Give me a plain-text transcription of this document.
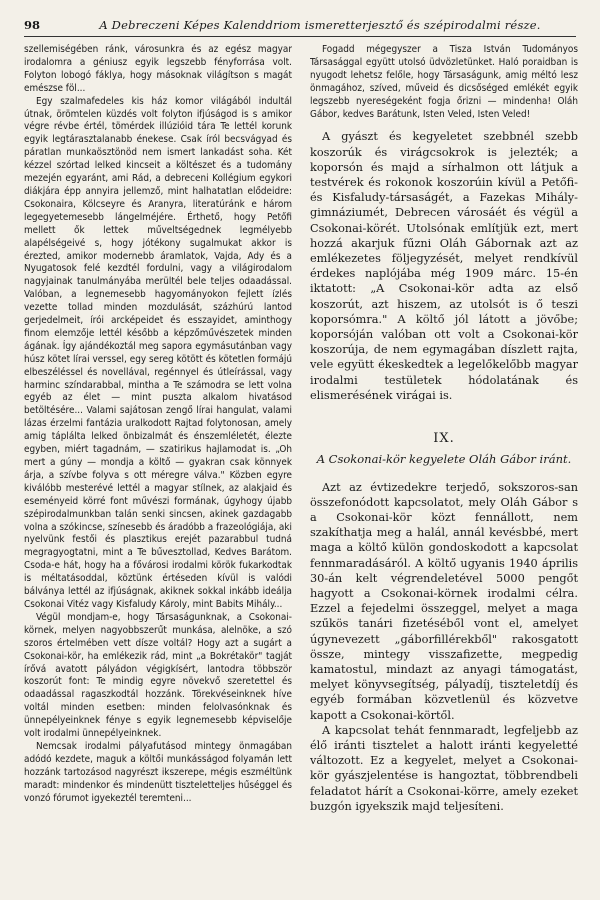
98	A Debreczeni Képes Kalenddriom ismeretterjesztő és szépirodalmi része.

szellemiségében ránk, városunkra és az egész magyar irodalomra a géniusz egyik legszebb fényforrása volt. Folyton lobogó fáklya, hogy másoknak világítson s magát emészse föl...

Egy szalmafedeles kis ház komor világából indultál útnak, örömtelen küzdés volt folyton ifjúságod is s amikor végre révbe értél, tömérdek illúzióid tára Te lettél korunk egyik legtárasztalanabb énekese. Csak íról becsvágyad és páratlan munkaösztönöd nem ismert lankadást soha. Két kézzel szórtad lelked kincseit a költészet és a tudomány mezején egyaránt, ami Rád, a debreceni Kollégium egykori diákjára épp annyira jellemző, mint halhatatlan elődeidre: Csokonaira, Kölcseyre és Aranyra, literatúránk e három legegyetemesebb lángelméjére. Érthető, hogy Petőfi mellett ők lettek műveltségednek legmélyebb alapélségeivé s, hogy jótékony sugalmukat akkor is érezted, amikor modernebb áramlatok, Vajda, Ady és a Nyugatosok felé kezdtél fordulni, vagy a világirodalom nagyjainak tanulmányába merültél bele teljes odaadással. Valóban, a legnemesebb hagyományokon fejlett ízlés vezette tollad minden mozdulását, százhúrú lantod gerjedelmeit, írói arcképeidet és esszayidet, aminthogy finom elemzője lettél később a képzőművészetek minden ágának. Így ajándékoztál meg sapora egymásutánban vagy húsz kötet lírai verssel, egy sereg kötött és kötetlen formájú elbeszéléssel és novellával, regénnyel és útleírással, vagy harminc színdarabbal, mintha a Te számodra se lett volna egyéb az élet — mint puszta alkalom hivatásod betöltésére... Valami sajátosan zengő lírai hangulat, valami lázas érzelmi fantázia uralkodott Rajtad folytonosan, amely amig táplálta lelked önbizalmát és énszemléletét, élezte egyben, miért tagadnám, — szatirikus hajlamodat is. „Oh mert a gúny — mondja a költő — gyakran csak könnyek árja, a szívbe folyva s ott méregre válva." Közben egyre kiválóbb mesterévé lettél a magyar stílnek, az alakjaid és eseményeid körré font művészi formának, úgyhogy újabb szépirodalmunkban talán senki sincsen, akinek gazdagabb volna a szókincse, színesebb és áradóbb a frazeológiája, aki nyelvünk festői és plasztikus erejét pazarabbul tudná megragyogtatni, mint a Te bűvesztollad, Kedves Barátom. Csoda-e hát, hogy ha a fővárosi irodalmi körök fukarkodtak is méltatásoddal, köztünk értéseden kívül is valódi bálványa lettél az ifjúságnak, akiknek sokkal inkább ideálja Csokonai Vitéz vagy Kisfaludy Károly, mint Babits Mihály...

Végül mondjam-e, hogy Társaságunknak, a Csokonai-körnek, melyen nagyobbszerűt munkása, alelnöke, a szó szoros értelmében vett dísze voltál? Hogy azt a sugárt a Csokonai-kör, ha emlékezik rád, mint „a Bokrétakör" tagját írővá avatott pályádon végigkísért, lantodra többször koszorút font: Te mindig egyre növekvő szeretettel és odaadással ragaszkodtál hozzánk. Törekvéseinknek híve voltál minden esetben: minden felolvasónknak és ünnepélyeinknek fénye s egyik legnemesebb képviselője volt irodalmi ünnepélyeinknek.

Nemcsak irodalmi pályafutásod mintegy önmagában adódó kezdete, maguk a költői munkásságod folyamán lett hozzánk tartozásod nagyrészt ikszerepe, mégis eszméltünk maradt: mindenkor és mindenütt tiszteletteljes hűséggel és vonzó fórumot igyekeztél teremteni...

Fogadd mégegyszer a Tisza István Tudományos Társasággal együtt utolsó üdvözletünket. Haló poraidban is nyugodt lehetsz felőle, hogy Társaságunk, amig méltó lesz önmagához, szíved, műveid és dicsőséged emlékét egyik legszebb nyereségeként fogja őrizni — mindenha! Oláh Gábor, kedves Barátunk, Isten Veled, Isten Veled!

A gyászt és kegyeletet szebbnél szebb koszorúk és virágcsokrok is jelezték; a koporsón és majd a sírhalmon ott látjuk a testvérek és rokonok koszorúin kívül a Petőfi- és Kisfaludy-társaságét, a Fazekas Mihály-gimnáziumét, Debrecen városáét és végül a Csokonai-körét. Utolsónak említjük ezt, mert hozzá akarjuk fűzni Oláh Gábornak azt az emlékezetes följegyzését, melyet rendkívül érdekes naplójába még 1909 márc. 15-én iktatott: „A Csokonai-kör adta az első koszorút, azt hiszem, az utolsót is ő teszi koporsómra." A költő jól látott a jövőbe; koporsóján valóban ott volt a Csokonai-kör koszorúja, de nem egymagában díszlett rajta, vele együtt ékeskedtek a legelőkelőbb magyar irodalmi testületek hódolatának és elismerésének virágai is.

IX.
A Csokonai-kör kegyelete Oláh Gábor iránt.

Azt az évtizedekre terjedő, sokszoros-san összefonódott kapcsolatot, mely Oláh Gábor s a Csokonai-kör közt fennállott, nem szakíthatja meg a halál, annál kevésbbé, mert maga a költő külön gondoskodott a kapcsolat fennmaradásáról. A költő ugyanis 1940 április 30-án kelt végrendeletével 5000 pengőt hagyott a Csokonai-körnek irodalmi célra. Ezzel a fejedelmi összeggel, melyet a maga szűkös tanári fizetéséből vont el, amelyet úgynevezett „gáborfillérekből" rakosgatott össze, mintegy visszafizette, megpedig kamatostul, mindazt az anyagi támogatást, melyet könyvsegítség, pályadíj, tiszteletdíj és egyéb formában közvetlenül és közvetve kapott a Csokonai-körtől.

A kapcsolat tehát fennmaradt, legfeljebb az élő iránti tisztelet a halott iránti kegyeletté változott. Ez a kegyelet, melyet a Csokonai-kör gyászjelentése is hangoztat, többrendbeli feladatot hárít a Csokonai-körre, amely ezeket buzgón igyekszik majd teljesíteni.
